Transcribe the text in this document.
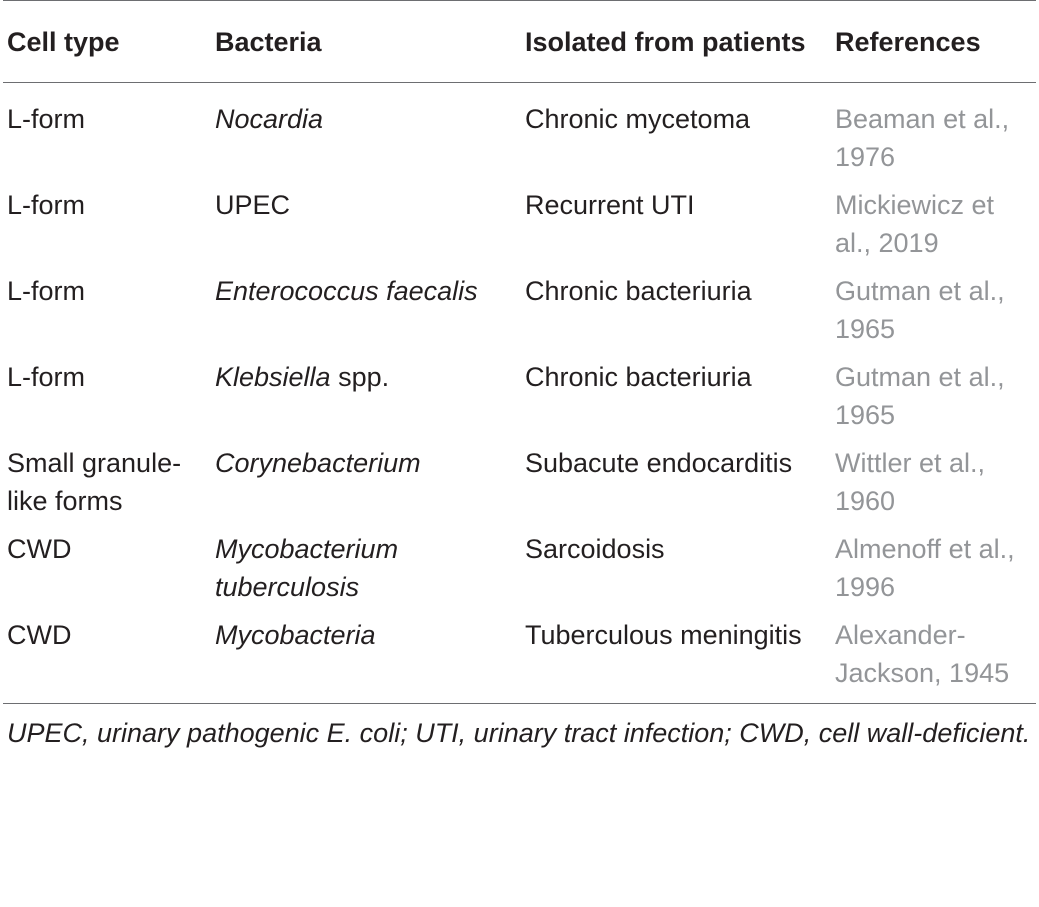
Cell type	Bacteria	Isolated from patients	References
L-form	Nocardia	Chronic mycetoma	Beaman et al., 1976
L-form	UPEC	Recurrent UTI	Mickiewicz et al., 2019
L-form	Enterococcus faecalis	Chronic bacteriuria	Gutman et al., 1965
L-form	Klebsiella spp.	Chronic bacteriuria	Gutman et al., 1965
Small granule-like forms	Corynebacterium	Subacute endocarditis	Wittler et al., 1960
CWD	Mycobacterium tuberculosis	Sarcoidosis	Almenoff et al., 1996
CWD	Mycobacteria	Tuberculous meningitis	Alexander-Jackson, 1945
UPEC, urinary pathogenic E. coli; UTI, urinary tract infection; CWD, cell wall-deficient.
